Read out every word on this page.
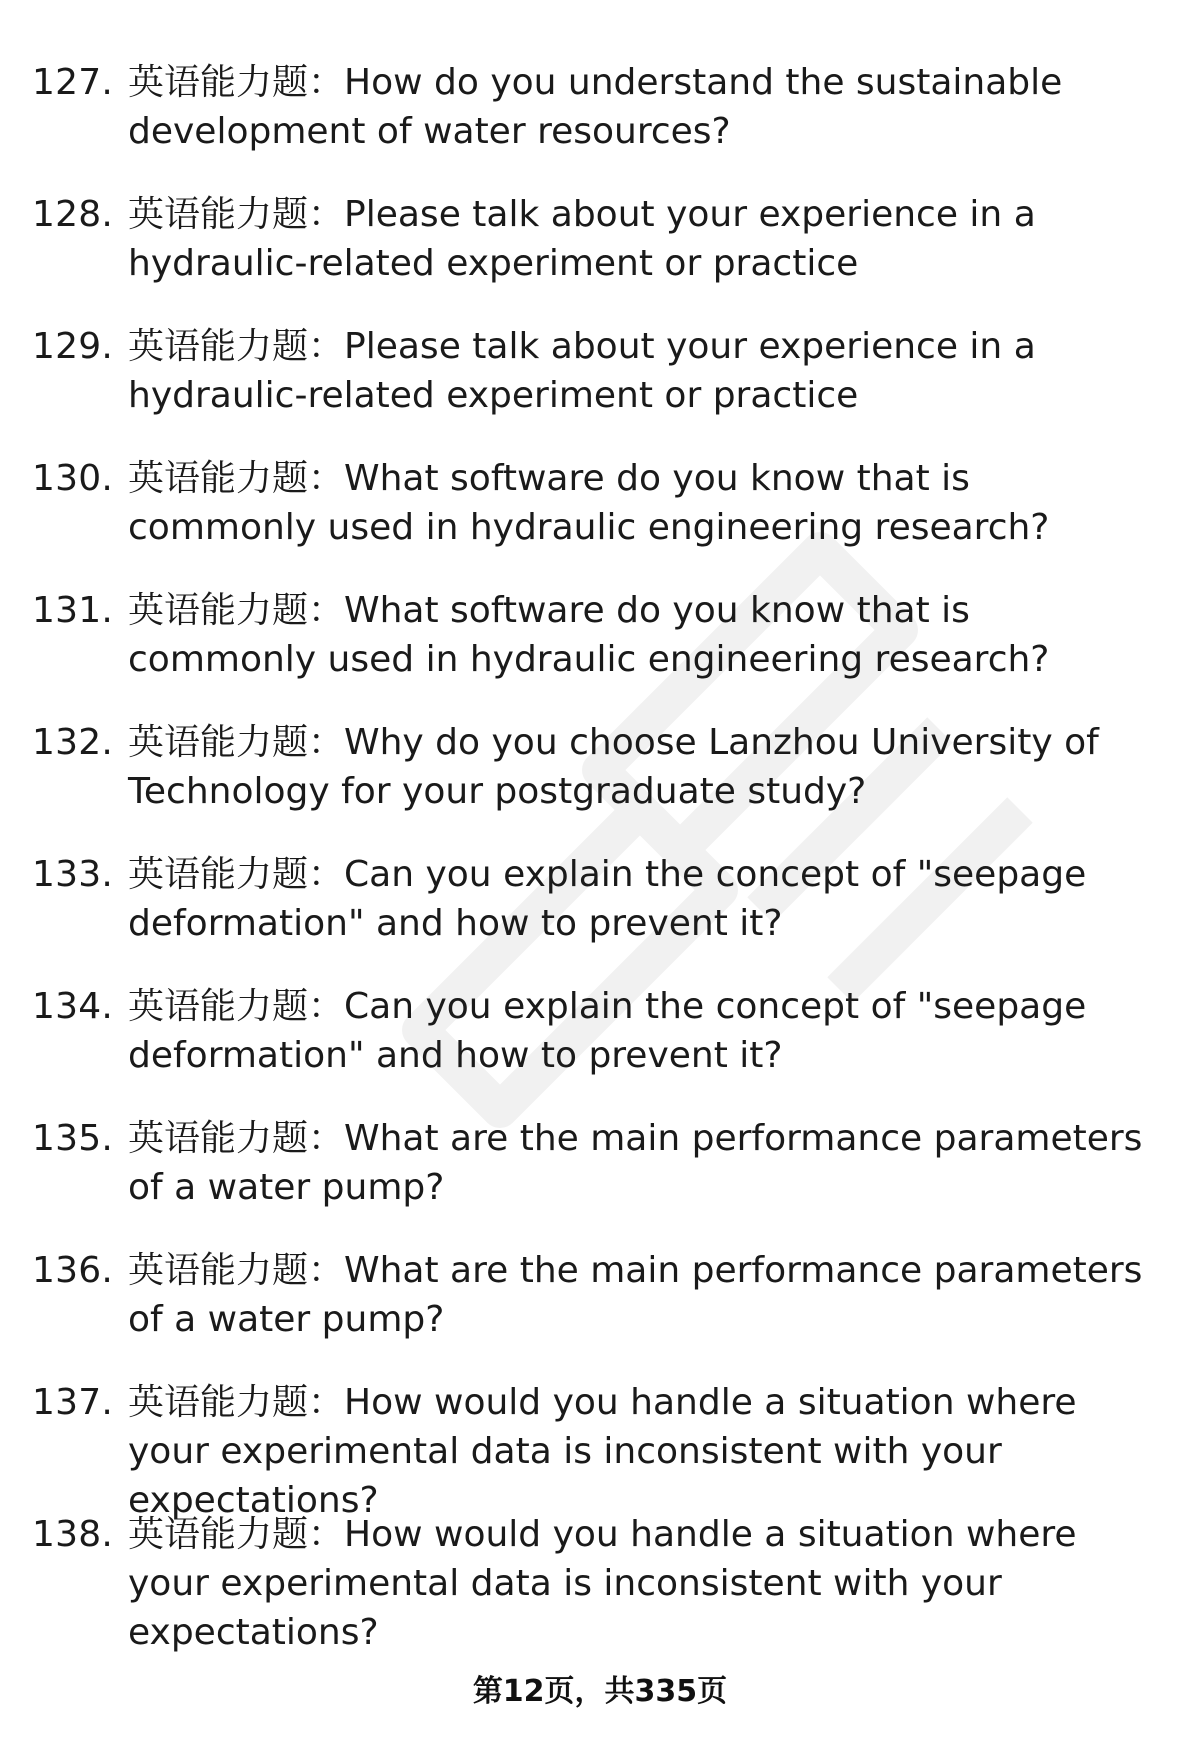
127. 英语能力题：How do you understand the sustainable development of water resources?

128. 英语能力题：Please talk about your experience in a hydraulic-related experiment or practice

129. 英语能力题：Please talk about your experience in a hydraulic-related experiment or practice

130. 英语能力题：What software do you know that is commonly used in hydraulic engineering research?

131. 英语能力题：What software do you know that is commonly used in hydraulic engineering research?

132. 英语能力题：Why do you choose Lanzhou University of Technology for your postgraduate study?

133. 英语能力题：Can you explain the concept of "seepage deformation" and how to prevent it?

134. 英语能力题：Can you explain the concept of "seepage deformation" and how to prevent it?

135. 英语能力题：What are the main performance parameters of a water pump?

136. 英语能力题：What are the main performance parameters of a water pump?

137. 英语能力题：How would you handle a situation where your experimental data is inconsistent with your expectations?

138. 英语能力题：How would you handle a situation where your experimental data is inconsistent with your expectations?

第12页，共335页
